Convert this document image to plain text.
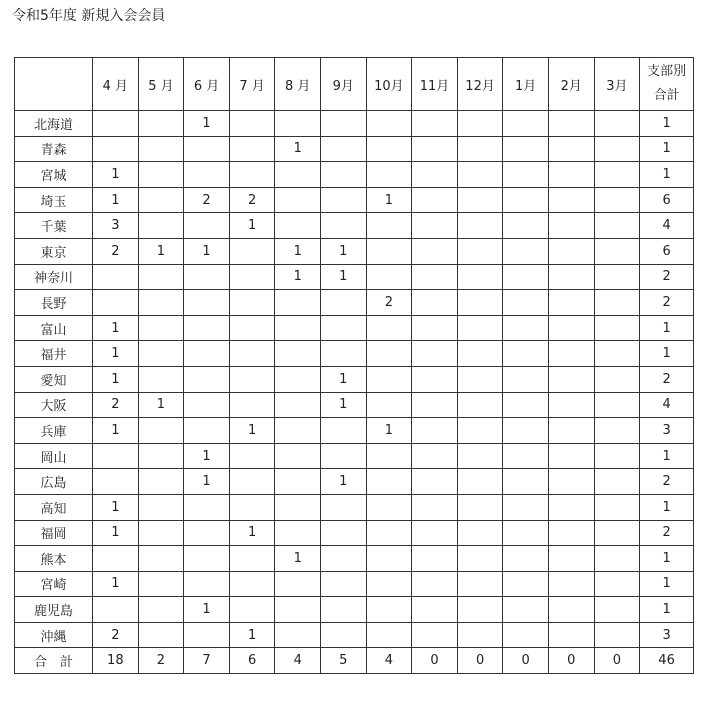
令和5年度 新規入会会員
	4 月	5 月	6 月	7 月	8 月	9月	10月	11月	12月	1月	2月	3月	支部別
合計

北海道			1										1
青森					1								1
宮城	1												1
埼玉	1		2	2			1						6
千葉	3			1									4
東京	2	1	1		1	1							6
神奈川					1	1							2
長野							2						2
富山	1												1
福井	1												1
愛知	1					1							2
大阪	2	1				1							4
兵庫	1			1			1						3
岡山			1										1
広島			1			1							2
高知	1												1
福岡	1			1									2
熊本					1								1
宮崎	1												1
鹿児島			1										1
沖縄	2			1									3
合　計	18	2	7	6	4	5	4	0	0	0	0	0	46
